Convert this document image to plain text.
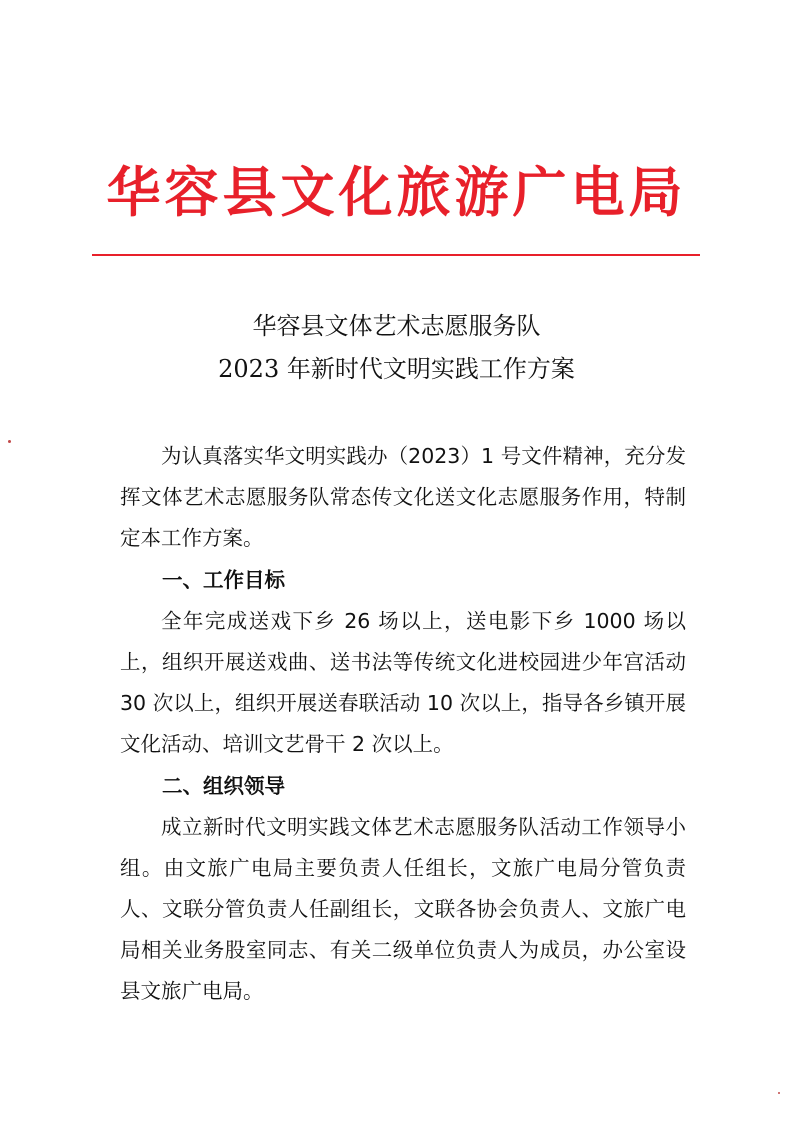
华容县文化旅游广电局
华容县文体艺术志愿服务队
2023 年新时代文明实践工作方案

为认真落实华文明实践办（2023）1 号文件精神，充分发挥文体艺术志愿服务队常态传文化送文化志愿服务作用，特制定本工作方案。

一、工作目标

全年完成送戏下乡 26 场以上，送电影下乡 1000 场以上，组织开展送戏曲、送书法等传统文化进校园进少年宫活动 30 次以上，组织开展送春联活动 10 次以上，指导各乡镇开展文化活动、培训文艺骨干 2 次以上。

二、组织领导

成立新时代文明实践文体艺术志愿服务队活动工作领导小组。由文旅广电局主要负责人任组长，文旅广电局分管负责人、文联分管负责人任副组长，文联各协会负责人、文旅广电局相关业务股室同志、有关二级单位负责人为成员，办公室设县文旅广电局。
